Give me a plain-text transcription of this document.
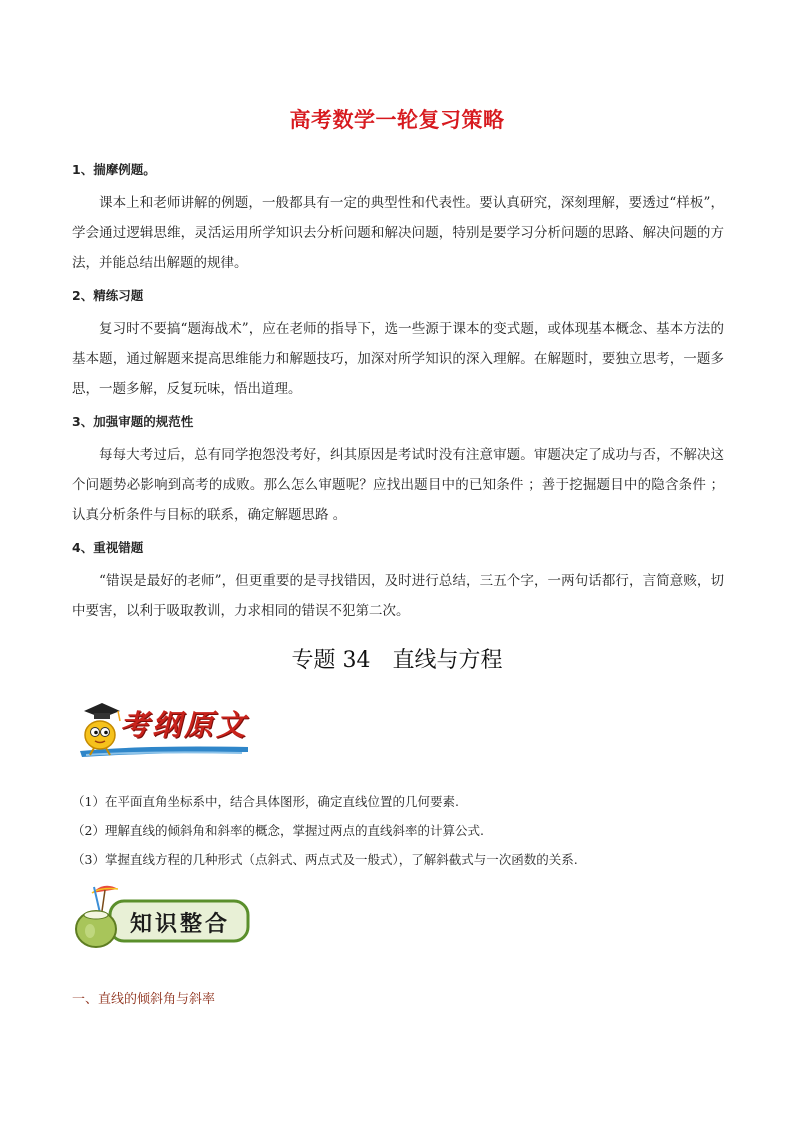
高考数学一轮复习策略
1、揣摩例题。
课本上和老师讲解的例题，一般都具有一定的典型性和代表性。要认真研究，深刻理解，要透过“样板”，学会通过逻辑思维，灵活运用所学知识去分析问题和解决问题，特别是要学习分析问题的思路、解决问题的方法，并能总结出解题的规律。
2、精练习题
复习时不要搞“题海战术”，应在老师的指导下，选一些源于课本的变式题，或体现基本概念、基本方法的基本题，通过解题来提高思维能力和解题技巧，加深对所学知识的深入理解。在解题时，要独立思考，一题多思，一题多解，反复玩味，悟出道理。
3、加强审题的规范性
每每大考过后，总有同学抱怨没考好，纠其原因是考试时没有注意审题。审题决定了成功与否，不解决这个问题势必影响到高考的成败。那么怎么审题呢？应找出题目中的已知条件 ；善于挖掘题目中的隐含条件 ；认真分析条件与目标的联系，确定解题思路 。
4、重视错题
“错误是最好的老师”，但更重要的是寻找错因，及时进行总结，三五个字，一两句话都行，言简意赅，切中要害，以利于吸取教训，力求相同的错误不犯第二次。
专题 34　直线与方程
考纲原文
（1）在平面直角坐标系中，结合具体图形，确定直线位置的几何要素.
（2）理解直线的倾斜角和斜率的概念，掌握过两点的直线斜率的计算公式.
（3）掌握直线方程的几种形式（点斜式、两点式及一般式），了解斜截式与一次函数的关系.
知识整合
一、直线的倾斜角与斜率
